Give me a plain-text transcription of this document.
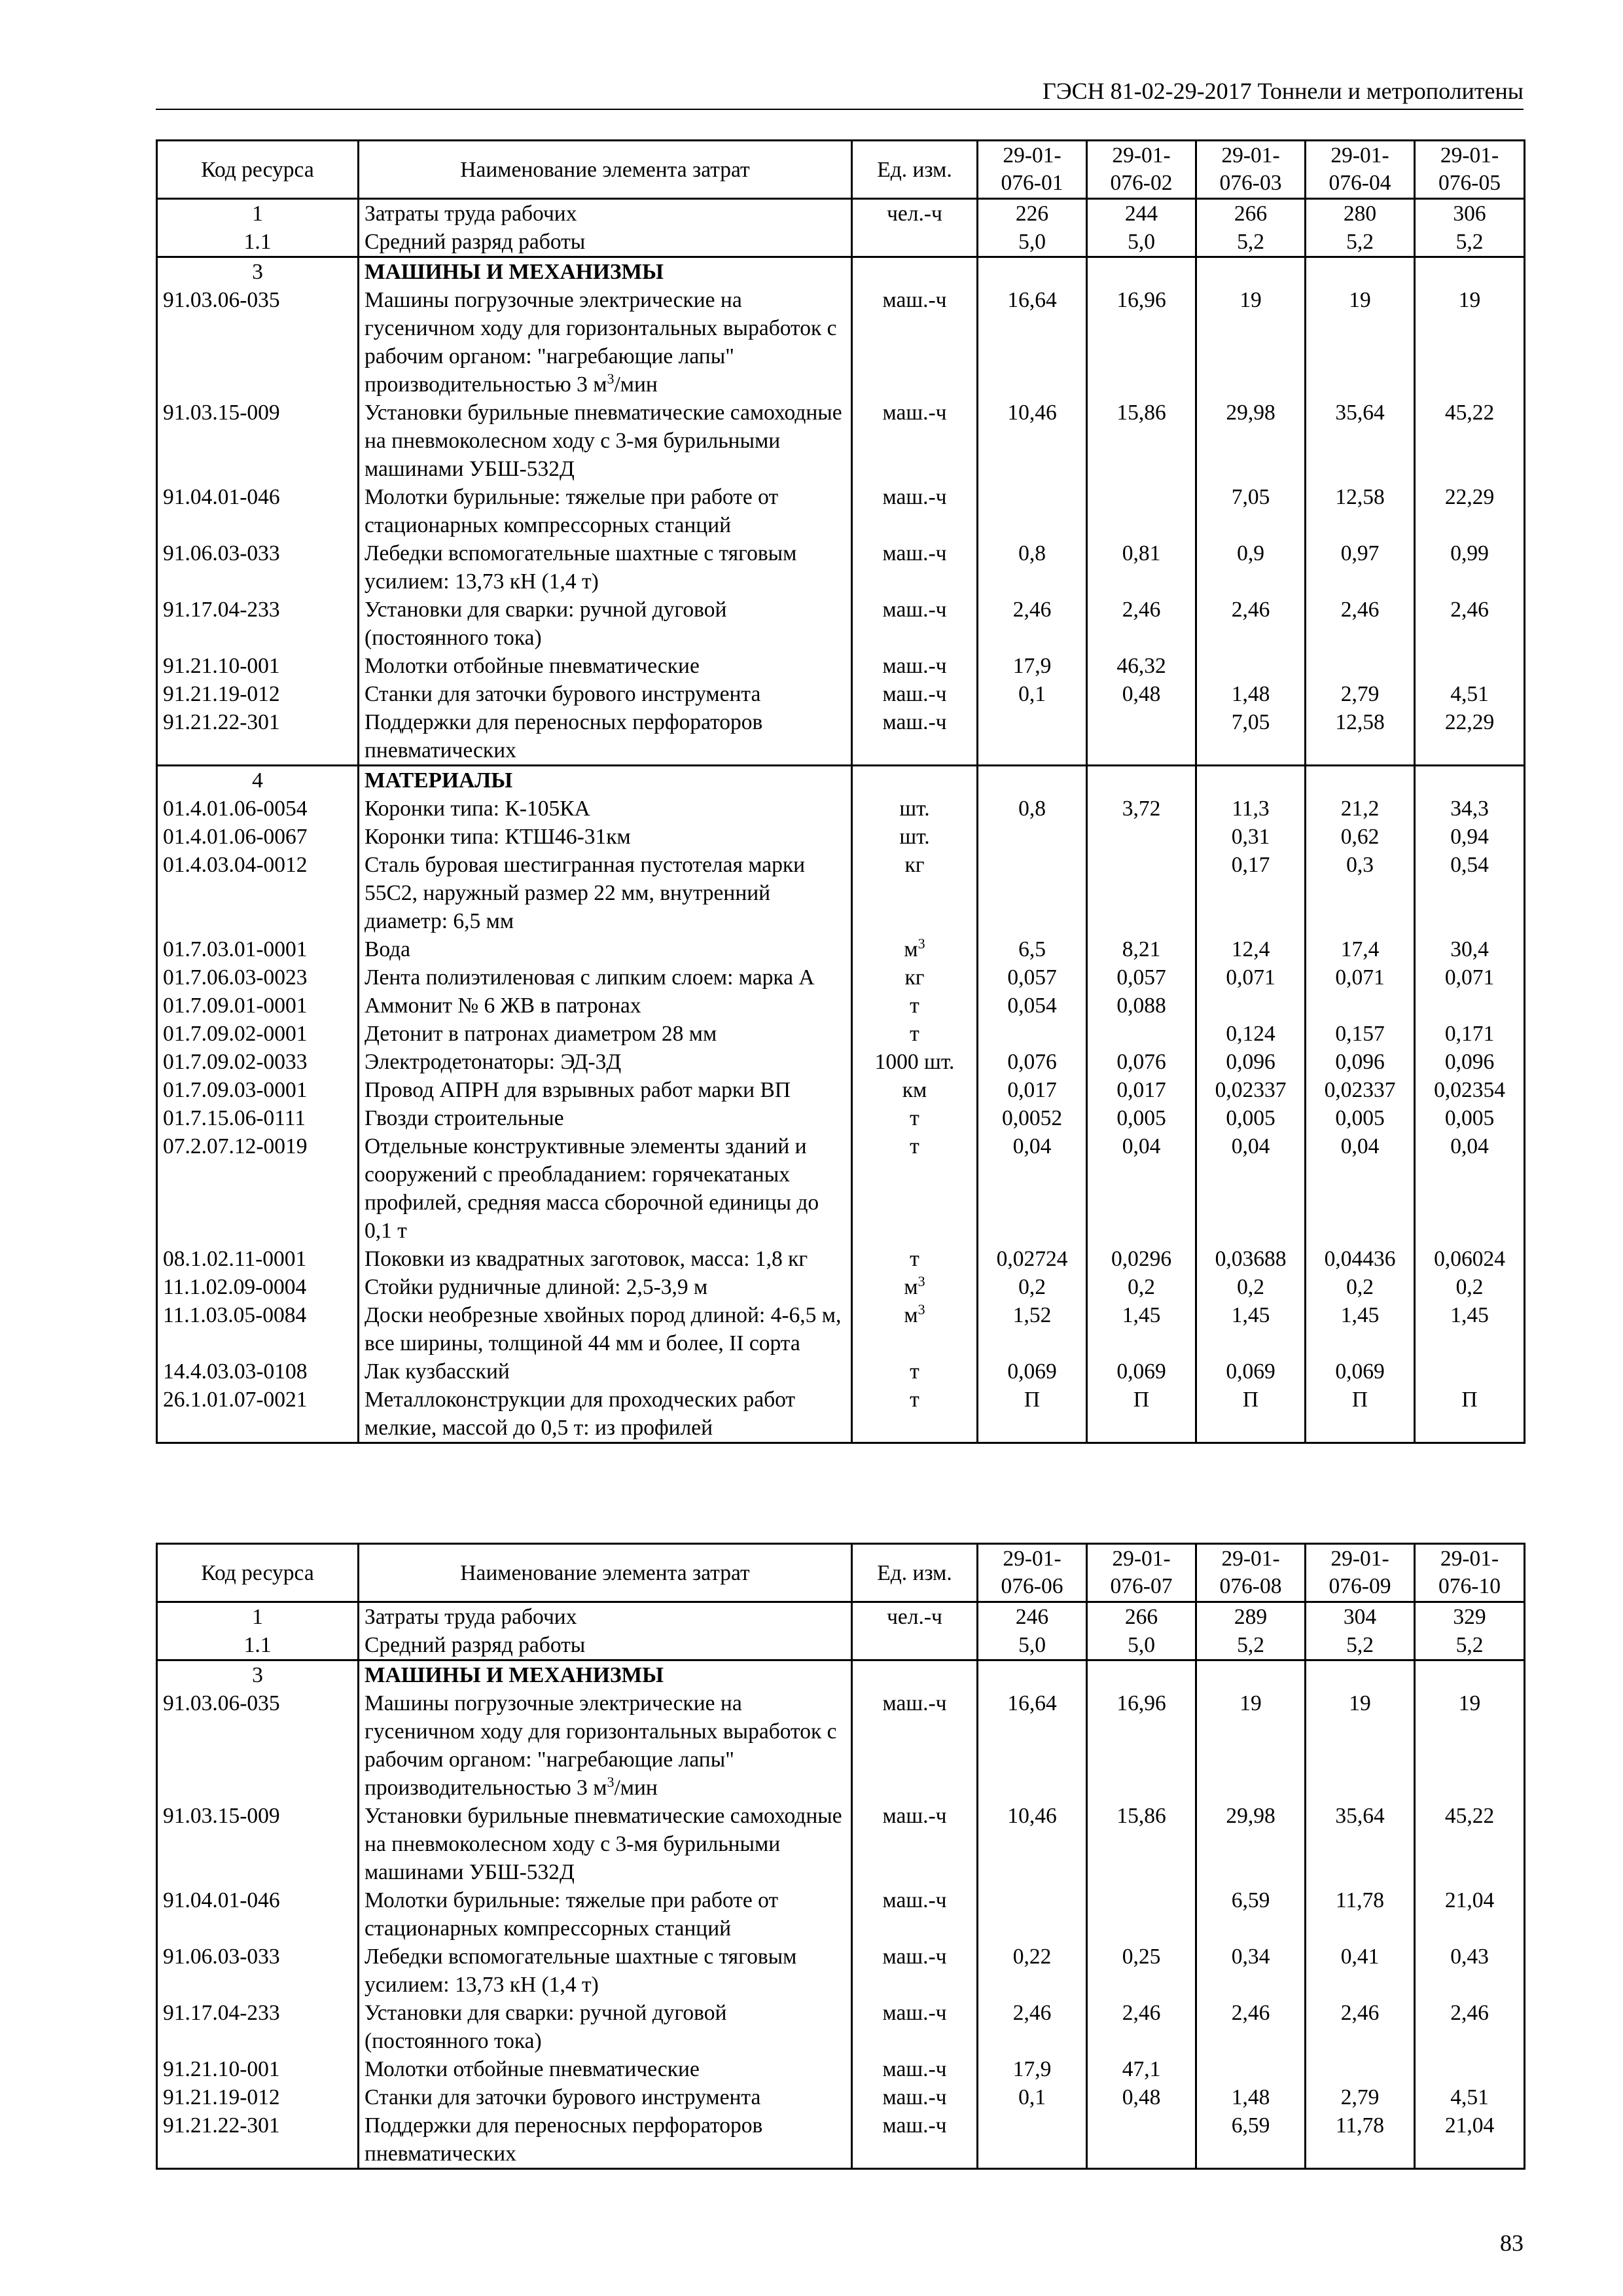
ГЭСН 81-02-29-2017 Тоннели и метрополитены
Код ресурса	Наименование элемента затрат	Ед. изм.	29-01-076-01	29-01-076-02	29-01-076-03	29-01-076-04	29-01-076-05
1	Затраты труда рабочих	чел.-ч	226	244	266	280	306
1.1	Средний разряд работы		5,0	5,0	5,2	5,2	5,2
3	МАШИНЫ И МЕХАНИЗМЫ						
91.03.06-035	Машины погрузочные электрические на гусеничном ходу для горизонтальных выработок с рабочим органом: "нагребающие лапы" производительностью 3 $м^3$/мин	маш.-ч	16,64	16,96	19	19	19
91.03.15-009	Установки бурильные пневматические самоходные на пневмоколесном ходу с 3-мя бурильными машинами УБШ-532Д	маш.-ч	10,46	15,86	29,98	35,64	45,22
91.04.01-046	Молотки бурильные: тяжелые при работе от стационарных компрессорных станций	маш.-ч			7,05	12,58	22,29
91.06.03-033	Лебедки вспомогательные шахтные с тяговым усилием: 13,73 кН (1,4 т)	маш.-ч	0,8	0,81	0,9	0,97	0,99
91.17.04-233	Установки для сварки: ручной дуговой (постоянного тока)	маш.-ч	2,46	2,46	2,46	2,46	2,46
91.21.10-001	Молотки отбойные пневматические	маш.-ч	17,9	46,32			
91.21.19-012	Станки для заточки бурового инструмента	маш.-ч	0,1	0,48	1,48	2,79	4,51
91.21.22-301	Поддержки для переносных перфораторов пневматических	маш.-ч			7,05	12,58	22,29
4	МАТЕРИАЛЫ						
01.4.01.06-0054	Коронки типа: К-105КА	шт.	0,8	3,72	11,3	21,2	34,3
01.4.01.06-0067	Коронки типа: КТШ46-31км	шт.			0,31	0,62	0,94
01.4.03.04-0012	Сталь буровая шестигранная пустотелая марки 55С2, наружный размер 22 мм, внутренний диаметр: 6,5 мм	кг			0,17	0,3	0,54
01.7.03.01-0001	Вода	$м^3$	6,5	8,21	12,4	17,4	30,4
01.7.06.03-0023	Лента полиэтиленовая с липким слоем: марка А	кг	0,057	0,057	0,071	0,071	0,071
01.7.09.01-0001	Аммонит № 6 ЖВ в патронах	т	0,054	0,088			
01.7.09.02-0001	Детонит в патронах диаметром 28 мм	т			0,124	0,157	0,171
01.7.09.02-0033	Электродетонаторы: ЭД-3Д	1000 шт.	0,076	0,076	0,096	0,096	0,096
01.7.09.03-0001	Провод АПРН для взрывных работ марки ВП	км	0,017	0,017	0,02337	0,02337	0,02354
01.7.15.06-0111	Гвозди строительные	т	0,0052	0,005	0,005	0,005	0,005
07.2.07.12-0019	Отдельные конструктивные элементы зданий и сооружений с преобладанием: горячекатаных профилей, средняя масса сборочной единицы до 0,1 т	т	0,04	0,04	0,04	0,04	0,04
08.1.02.11-0001	Поковки из квадратных заготовок, масса: 1,8 кг	т	0,02724	0,0296	0,03688	0,04436	0,06024
11.1.02.09-0004	Стойки рудничные длиной: 2,5-3,9 м	$м^3$	0,2	0,2	0,2	0,2	0,2
11.1.03.05-0084	Доски необрезные хвойных пород длиной: 4-6,5 м, все ширины, толщиной 44 мм и более, II сорта	$м^3$	1,52	1,45	1,45	1,45	1,45
14.4.03.03-0108	Лак кузбасский	т	0,069	0,069	0,069	0,069	
26.1.01.07-0021	Металлоконструкции для проходческих работ мелкие, массой до 0,5 т: из профилей	т	П	П	П	П	П
Код ресурса	Наименование элемента затрат	Ед. изм.	29-01-076-06	29-01-076-07	29-01-076-08	29-01-076-09	29-01-076-10
1	Затраты труда рабочих	чел.-ч	246	266	289	304	329
1.1	Средний разряд работы		5,0	5,0	5,2	5,2	5,2
3	МАШИНЫ И МЕХАНИЗМЫ						
91.03.06-035	Машины погрузочные электрические на гусеничном ходу для горизонтальных выработок с рабочим органом: "нагребающие лапы" производительностью 3 $м^3$/мин	маш.-ч	16,64	16,96	19	19	19
91.03.15-009	Установки бурильные пневматические самоходные на пневмоколесном ходу с 3-мя бурильными машинами УБШ-532Д	маш.-ч	10,46	15,86	29,98	35,64	45,22
91.04.01-046	Молотки бурильные: тяжелые при работе от стационарных компрессорных станций	маш.-ч			6,59	11,78	21,04
91.06.03-033	Лебедки вспомогательные шахтные с тяговым усилием: 13,73 кН (1,4 т)	маш.-ч	0,22	0,25	0,34	0,41	0,43
91.17.04-233	Установки для сварки: ручной дуговой (постоянного тока)	маш.-ч	2,46	2,46	2,46	2,46	2,46
91.21.10-001	Молотки отбойные пневматические	маш.-ч	17,9	47,1			
91.21.19-012	Станки для заточки бурового инструмента	маш.-ч	0,1	0,48	1,48	2,79	4,51
91.21.22-301	Поддержки для переносных перфораторов пневматических	маш.-ч			6,59	11,78	21,04
83
